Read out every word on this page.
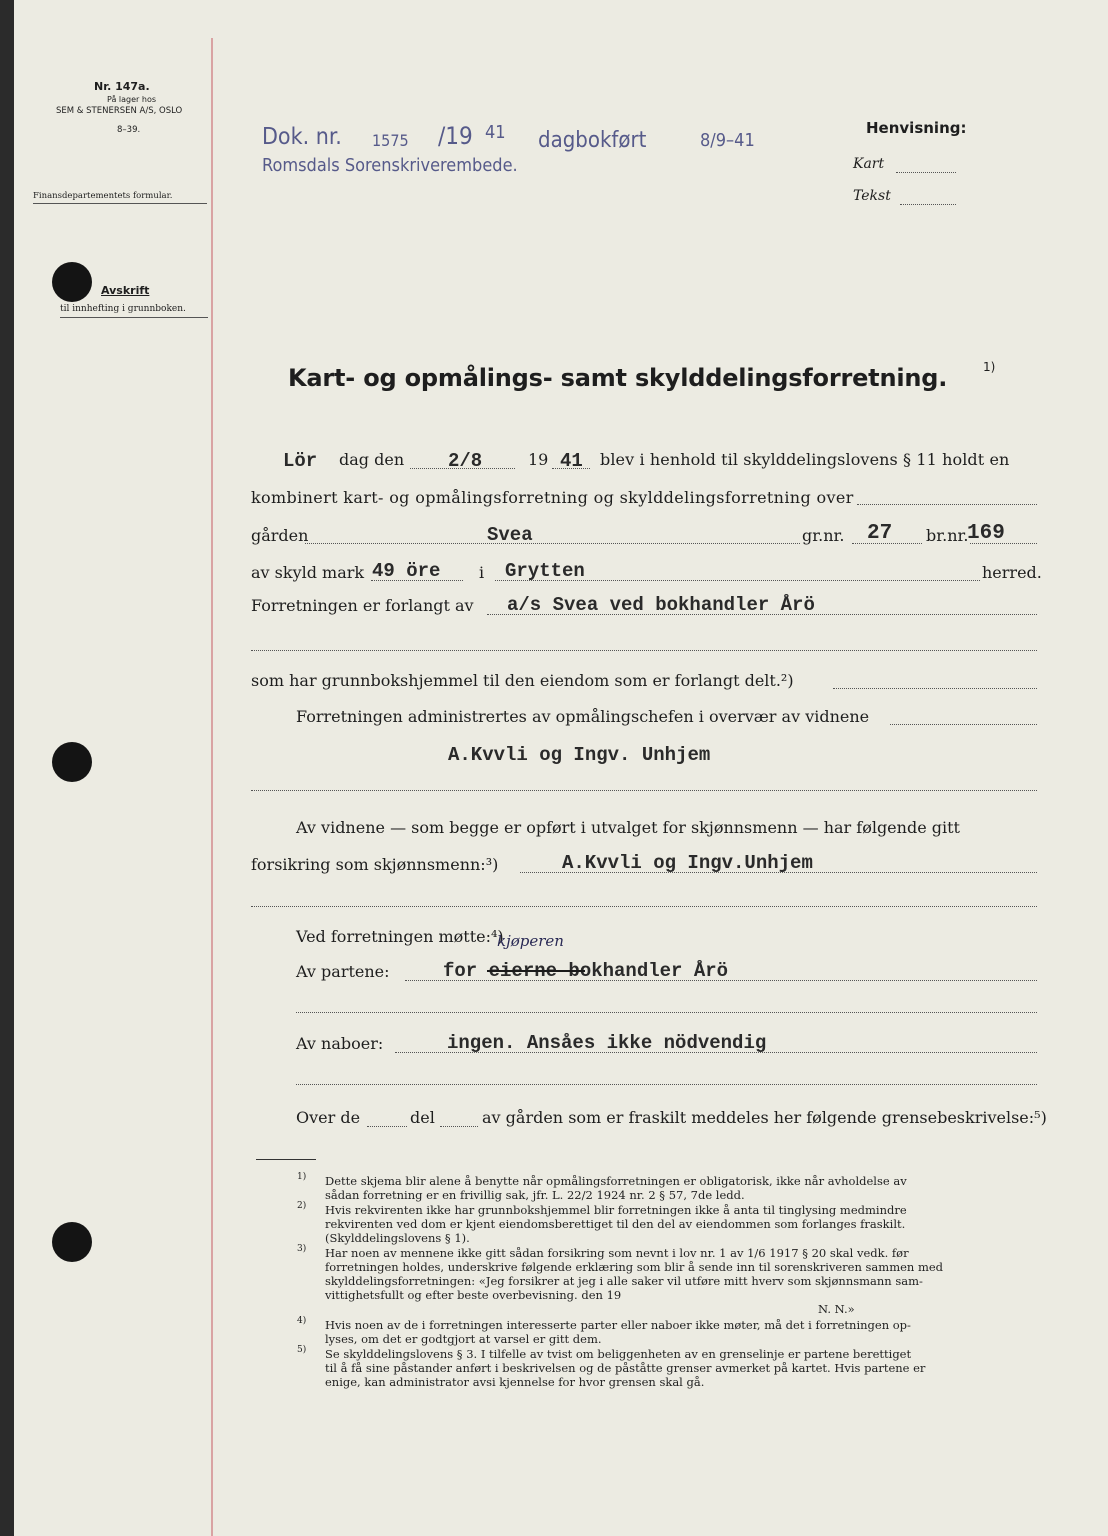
Nr. 147a.
På lager hos
SEM & STENERSEN A/S, OSLO
8–39.
Finansdepartementets formular.
Avskrift
til innhefting i grunnboken.
Dok. nr. 1575 /19 41 dagbokført	8/9–41
Romsdals Sorenskriverembede.
Henvisning:
Kart
Tekst
Kart- og opmålings- samt skylddelingsforretning.	1)
Lör dag den 2/8	19 41 blev i henhold til skylddelingslovens § 11 holdt en
kombinert kart- og opmålingsforretning og skylddelingsforretning over
gården	Svea	gr.nr. 27 br.nr.
169
av skyld mark 49 öre i Grytten	herred.
Forretningen er forlangt av a/s Svea ved bokhandler Årö
som har grunnbokshjemmel til den eiendom som er forlangt delt.²)
Forretningen administrertes av opmålingschefen i overvær av vidnene
A.Kvvli og Ingv. Unhjem
Av vidnene — som begge er opført i utvalget for skjønnsmenn — har følgende gitt
forsikring som skjønnsmenn:³)	A.Kvvli og Ingv.Unhjem
Ved forretningen møtte:⁴)
Av partene:	for eierne bokhandler Årö
kjøperen
Av naboer:	ingen. Ansåes ikke nödvendig
Over de	del	av gården som er fraskilt meddeles her følgende grensebeskrivelse:⁵)
1) Dette skjema blir alene å benytte når opmålingsforretningen er obligatorisk, ikke når avholdelse av
sådan forretning er en frivillig sak, jfr. L. 22/2 1924 nr. 2 § 57, 7de ledd.
2) Hvis rekvirenten ikke har grunnbokshjemmel blir forretningen ikke å anta til tinglysing medmindre
rekvirenten ved dom er kjent eiendomsberettiget til den del av eiendommen som forlanges fraskilt.
(Skylddelingslovens § 1).
3) Har noen av mennene ikke gitt sådan forsikring som nevnt i lov nr. 1 av 1/6 1917 § 20 skal vedk. før
forretningen holdes, underskrive følgende erklæring som blir å sende inn til sorenskriveren sammen med
skylddelingsforretningen: «Jeg forsikrer at jeg i alle saker vil utføre mitt hverv som skjønnsmann sam-
vittighetsfullt og efter beste overbevisning. den 19
N. N.»
4) Hvis noen av de i forretningen interesserte parter eller naboer ikke møter, må det i forretningen op-
lyses, om det er godtgjort at varsel er gitt dem.
5) Se skylddelingslovens § 3. I tilfelle av tvist om beliggenheten av en grenselinje er partene berettiget
til å få sine påstander anført i beskrivelsen og de påståtte grenser avmerket på kartet. Hvis partene er
enige, kan administrator avsi kjennelse for hvor grensen skal gå.
